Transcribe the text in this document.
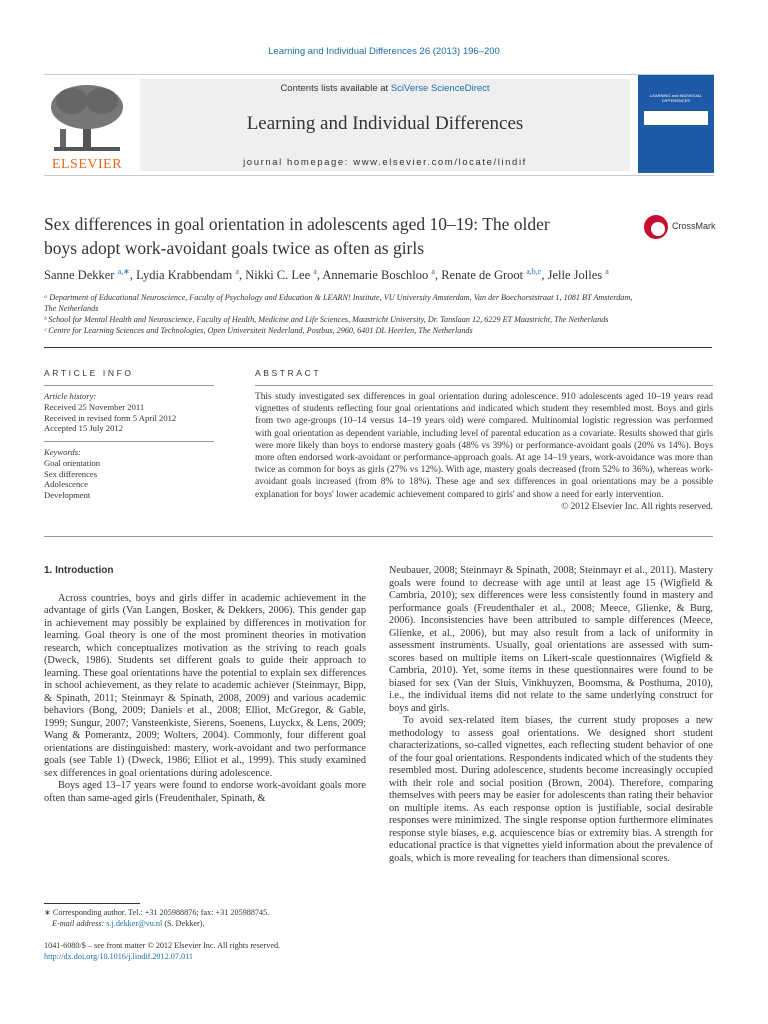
Learning and Individual Differences 26 (2013) 196–200
ELSEVIER
Contents lists available at SciVerse ScienceDirect
Learning and Individual Differences
journal homepage: www.elsevier.com/locate/lindif
LEARNING and INDIVIDUAL DIFFERENCES
Sex differences in goal orientation in adolescents aged 10–19: The older
boys adopt work-avoidant goals twice as often as girls
CrossMark
Sanne Dekker $^{a,∗}$, Lydia Krabbendam $^a$, Nikki C. Lee $^a$, Annemarie Boschloo $^a$, Renate de Groot $^{a,b,c}$, Jelle Jolles $^a$
ᵃ Department of Educational Neuroscience, Faculty of Psychology and Education & LEARN! Institute, VU University Amsterdam, Van der Boechorststraat 1, 1081 BT Amsterdam,
The Netherlands
ᵇ School for Mental Health and Neuroscience, Faculty of Health, Medicine and Life Sciences, Maastricht University, Dr. Tanslaan 12, 6229 ET Maastricht, The Netherlands
ᶜ Centre for Learning Sciences and Technologies, Open Universiteit Nederland, Postbus, 2960, 6401 DL Heerlen, The Netherlands
ARTICLE INFO	ABSTRACT
Article history:
Received 25 November 2011
Received in revised form 5 April 2012
Accepted 15 July 2012
Keywords:
Goal orientation
Sex differences
Adolescence
Development
This study investigated sex differences in goal orientation during adolescence. 910 adolescents aged 10–19 years read vignettes of students reflecting four goal orientations and indicated which student they resembled most. Boys and girls from two age-groups (10–14 versus 14–19 years old) were compared. Multinomial logistic regression was performed with goal orientation as dependent variable, including level of parental education as a covariate. Results showed that girls were more likely than boys to endorse mastery goals (48% vs 39%) or performance-avoidant goals (20% vs 14%). Boys more often endorsed work-avoidant or performance-approach goals. At age 14–19 years, work-avoidance was more than twice as common for boys as girls (27% vs 12%). With age, mastery goals decreased (from 52% to 36%), whereas work-avoidant goals increased (from 8% to 18%). These age and sex differences in goal orientations may be a possible explanation for boys' lower academic achievement compared to girls' and show a need for early intervention.
© 2012 Elsevier Inc. All rights reserved.
1. Introduction

Across countries, boys and girls differ in academic achievement in the advantage of girls (Van Langen, Bosker, & Dekkers, 2006). This gender gap in achievement may possibly be explained by differences in motivation for learning. Goal theory is one of the most prominent theories in motivation research, which conceptualizes motivation as the striving to reach goals (Dweck, 1986). Students set different goals to guide their approach to learning. These goal orientations have the potential to explain sex differences in school achievement, as they relate to academic achiever (Steinmayr, Bipp, & Spinath, 2011; Steinmayr & Spinath, 2008, 2009) and various academic behaviors (Bong, 2009; Daniels et al., 2008; Elliot, McGregor, & Gable, 1999; Sungur, 2007; Vansteenkiste, Sierens, Soenens, Luyckx, & Lens, 2009; Wang & Pomerantz, 2009; Wolters, 2004). Commonly, four different goal orientations are distinguished: mastery, work-avoidant and two performance goals (see Table 1) (Dweck, 1986; Elliot et al., 1999). This study examined sex differences in goal orientations during adolescence.

Boys aged 13–17 years were found to endorse work-avoidant goals more often than same-aged girls (Freudenthaler, Spinath, &

Neubauer, 2008; Steinmayr & Spinath, 2008; Steinmayr et al., 2011). Mastery goals were found to decrease with age until at least age 15 (Wigfield & Cambria, 2010); sex differences were less consistently found in mastery and performance goals (Freudenthaler et al., 2008; Meece, Glienke, & Burg, 2006). Inconsistencies have been attributed to sample differences (Meece, Glienke, et al., 2006), but may also result from a lack of uniformity in assessment instruments. Usually, goal orientations are assessed with sum-scores based on multiple items on Likert-scale questionnaires (Wigfield & Cambria, 2010). Yet, some items in these questionnaires were found to be biased for sex (Van der Sluis, Vinkhuyzen, Boomsma, & Posthuma, 2010), i.e., the individual items did not relate to the same underlying construct for boys and girls.

To avoid sex-related item biases, the current study proposes a new methodology to assess goal orientations. We designed short student characterizations, so-called vignettes, each reflecting student behavior of one of the four goal orientations. Respondents indicated which of the students they resembled most. During adolescence, students become increasingly occupied with their role and social position (Brown, 2004). Therefore, comparing themselves with peers may be easier for adolescents than rating their behavior on multiple items. As each response option is justifiable, social desirable responses were minimized. The single response option furthermore eliminates response style biases, e.g. acquiescence bias or extremity bias. A strength for educational practice is that vignettes yield information about the prevalence of goals, which is more revealing for teachers than dimensional scores.

∗ Corresponding author. Tel.: +31 205988876; fax: +31 205988745.
E-mail address: s.j.dekker@vu.nl (S. Dekker).
1041-6080/$ – see front matter © 2012 Elsevier Inc. All rights reserved.
http://dx.doi.org/10.1016/j.lindif.2012.07.011
